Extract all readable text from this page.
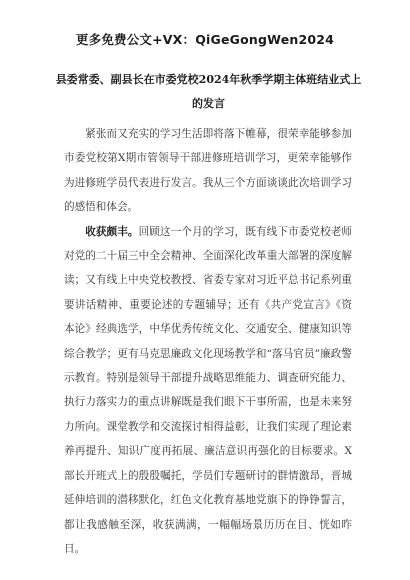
更多免费公文+VX：QiGeGongWen2024
县委常委、副县长在市委党校2024年秋季学期主体班结业式上的发言

紧张而又充实的学习生活即将落下帷幕，很荣幸能够参加市委党校第X期市管领导干部进修班培训学习，更荣幸能够作为进修班学员代表进行发言。我从三个方面谈谈此次培训学习的感悟和体会。

收获颇丰。回顾这一个月的学习，既有线下市委党校老师对党的二十届三中全会精神、全面深化改革重大部署的深度解读；又有线上中央党校教授、省委专家对习近平总书记系列重要讲话精神、重要论述的专题辅导；还有《共产党宣言》《资本论》经典选学，中华优秀传统文化、交通安全、健康知识等综合教学；更有马克思廉政文化现场教学和“落马官员”廉政警示教育。特别是领导干部提升战略思维能力、调查研究能力、执行力落实力的重点讲解既是我们眼下干事所需，也是未来努力所向。课堂教学和交流探讨相得益彰，让我们实现了理论素养再提升、知识广度再拓展、廉洁意识再强化的目标要求。X部长开班式上的殷殷嘱托，学员们专题研讨的群情激昂，晋城延伸培训的潜移默化，红色文化教育基地党旗下的铮铮誓言，都让我感触至深，收获满满，一幅幅场景历历在目、恍如昨日。
